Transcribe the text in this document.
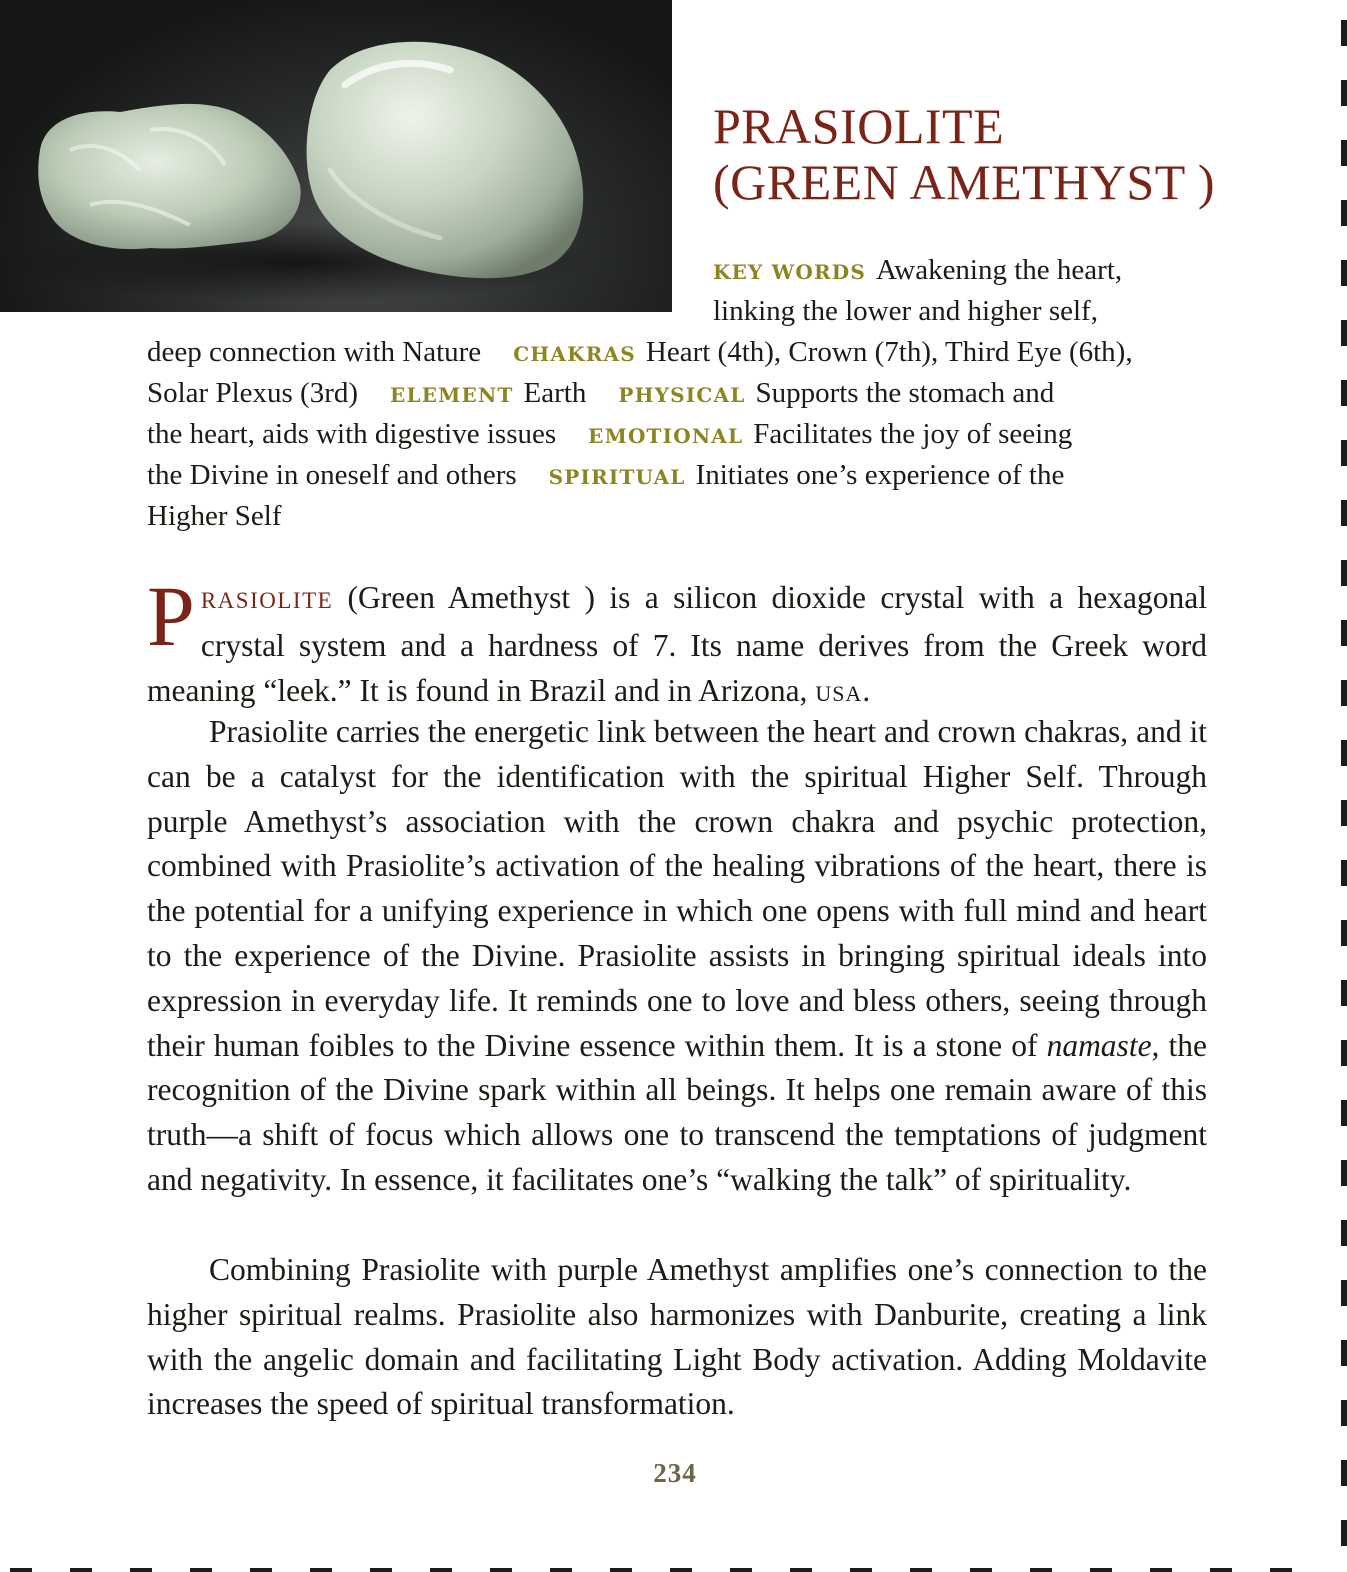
PRASIOLITE
(GREEN AMETHYST )
KEY WORDS Awakening the heart,
linking the lower and higher self,
deep connection with Nature CHAKRAS Heart (4th), Crown (7th), Third Eye (6th),
Solar Plexus (3rd) ELEMENT Earth PHYSICAL Supports the stomach and
the heart, aids with digestive issues EMOTIONAL Facilitates the joy of seeing
the Divine in oneself and others SPIRITUAL Initiates one’s experience of the
Higher Self
PRASIOLITE (Green Amethyst ) is a silicon dioxide crystal with a hexagonal crystal system and a hardness of 7. Its name derives from the Greek word meaning “leek.” It is found in Brazil and in Arizona, USA.
Prasiolite carries the energetic link between the heart and crown chakras, and it can be a catalyst for the identification with the spiritual Higher Self. Through purple Amethyst’s association with the crown chakra and psychic protection, combined with Prasiolite’s activation of the healing vibrations of the heart, there is the potential for a unifying experience in which one opens with full mind and heart to the experience of the Divine. Prasiolite assists in bringing spiritual ideals into expression in everyday life. It reminds one to love and bless others, seeing through their human foibles to the Divine essence within them. It is a stone of namaste, the recognition of the Divine spark within all beings. It helps one remain aware of this truth—a shift of focus which allows one to transcend the temptations of judgment and negativity. In essence, it facilitates one’s “walking the talk” of spirituality.
Combining Prasiolite with purple Amethyst amplifies one’s connection to the higher spiritual realms. Prasiolite also harmonizes with Danburite, creating a link with the angelic domain and facilitating Light Body activation. Adding Moldavite increases the speed of spiritual transformation.
234
